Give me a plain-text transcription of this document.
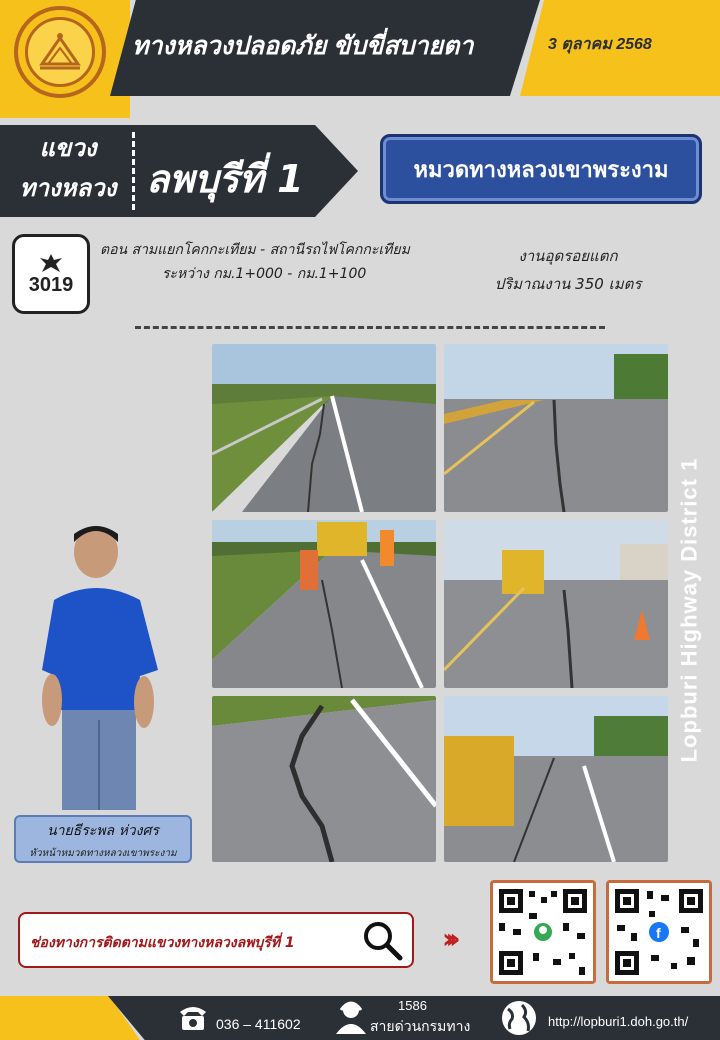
ทางหลวงปลอดภัย ขับขี่สบายตา	3 ตุลาคม 2568
แขวง
ทางหลวง ลพบุรีที่ 1	หมวดทางหลวงเขาพระงาม
3019
ตอน สามแยกโคกกะเทียม - สถานีรถไฟโคกกะเทียม
ระหว่าง กม.1+000 - กม.1+100
งานอุดรอยแตก
ปริมาณงาน 350 เมตร
นายธีระพล ห่วงศร
หัวหน้าหมวดทางหลวงเขาพระงาม
Lopburi Highway District 1
ช่องทางการติดตามแขวงทางหลวงลพบุรีที่ 1	›››	f
036 – 411602
1586
สายด่วนกรมทาง	http://lopburi1.doh.go.th/
